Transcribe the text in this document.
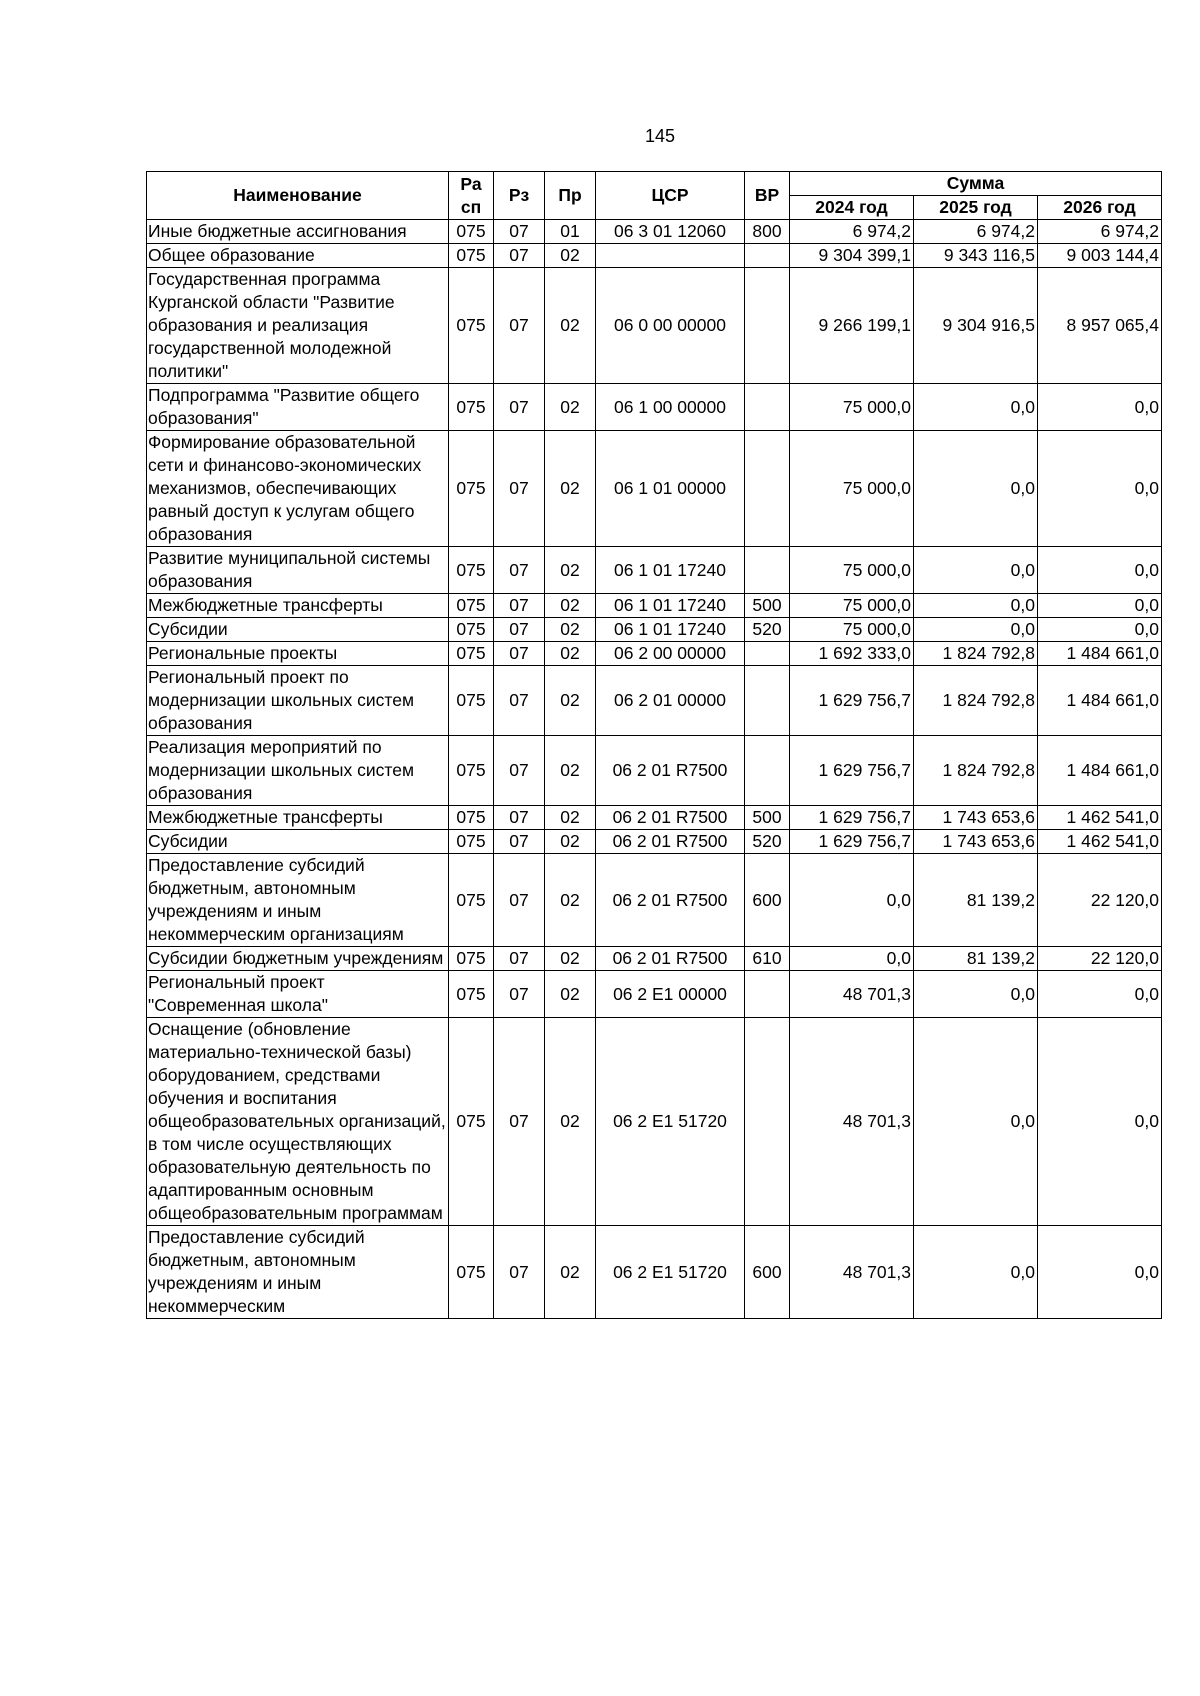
145
Наименование	Ра сп	Рз	Пр	ЦСР	ВР	Сумма		
						2024 год	2025 год	2026 год
Иные бюджетные ассигнования	075	07	01	06 3 01 12060	800	6 974,2	6 974,2	6 974,2
Общее образование	075	07	02			9 304 399,1	9 343 116,5	9 003 144,4
Государственная программа Курганской области "Развитие образования и реализация государственной молодежной политики"	075	07	02	06 0 00 00000		9 266 199,1	9 304 916,5	8 957 065,4
Подпрограмма "Развитие общего образования"	075	07	02	06 1 00 00000		75 000,0	0,0	0,0
Формирование образовательной сети и финансово-экономических механизмов, обеспечивающих равный доступ к услугам общего образования	075	07	02	06 1 01 00000		75 000,0	0,0	0,0
Развитие муниципальной системы образования	075	07	02	06 1 01 17240		75 000,0	0,0	0,0
Межбюджетные трансферты	075	07	02	06 1 01 17240	500	75 000,0	0,0	0,0
Субсидии	075	07	02	06 1 01 17240	520	75 000,0	0,0	0,0
Региональные проекты	075	07	02	06 2 00 00000		1 692 333,0	1 824 792,8	1 484 661,0
Региональный проект по модернизации школьных систем образования	075	07	02	06 2 01 00000		1 629 756,7	1 824 792,8	1 484 661,0
Реализация мероприятий по модернизации школьных систем образования	075	07	02	06 2 01 R7500		1 629 756,7	1 824 792,8	1 484 661,0
Межбюджетные трансферты	075	07	02	06 2 01 R7500	500	1 629 756,7	1 743 653,6	1 462 541,0
Субсидии	075	07	02	06 2 01 R7500	520	1 629 756,7	1 743 653,6	1 462 541,0
Предоставление субсидий бюджетным, автономным учреждениям и иным некоммерческим организациям	075	07	02	06 2 01 R7500	600	0,0	81 139,2	22 120,0
Субсидии бюджетным учреждениям	075	07	02	06 2 01 R7500	610	0,0	81 139,2	22 120,0
Региональный проект "Современная школа"	075	07	02	06 2 Е1 00000		48 701,3	0,0	0,0
Оснащение (обновление материально-технической базы) оборудованием, средствами обучения и воспитания общеобразовательных организаций, в том числе осуществляющих образовательную деятельность по адаптированным основным общеобразовательным программам	075	07	02	06 2 Е1 51720		48 701,3	0,0	0,0
Предоставление субсидий бюджетным, автономным учреждениям и иным некоммерческим	075	07	02	06 2 Е1 51720	600	48 701,3	0,0	0,0
